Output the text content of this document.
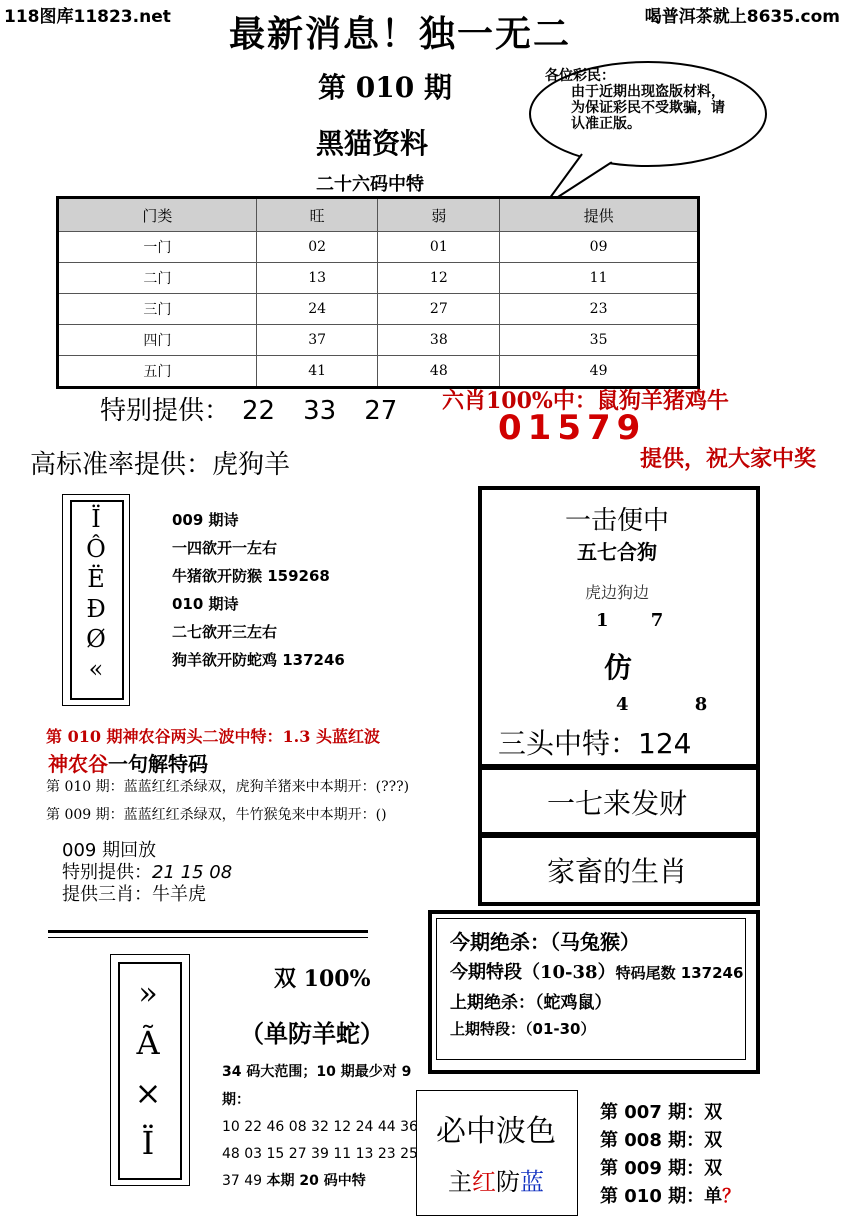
118图库11823.net	喝普洱茶就上8635.com
最新消息！独一无二
第 010 期
黑猫资料
二十六码中特
各位彩民：
由于近期出现盗版材料，为保证彩民不受欺骗，请认准正版。
门类	旺	弱	提供
一门	02	01	09
二门	13	12	11
三门	24	27	23
四门	37	38	35
五门	41	48	49
特别提供： 22 33 27 六肖100%中：鼠狗羊猪鸡牛
01579
提供，祝大家中奖
高标准率提供：虎狗羊
Ï
Ô
Ë
Ð
Ø
«
009 期诗
一四欲开一左右
牛猪欲开防猴 159268
010 期诗
二七欲开三左右
狗羊欲开防蛇鸡 137246
一击便中
五七合狗
虎边狗边
1 7
仿
4 8
三头中特：124
一七来发财
家畜的生肖
第 010 期神农谷两头二波中特：1.3 头蓝红波
神农谷一句解特码
第 010 期：蓝蓝红红杀绿双，虎狗羊猪来中本期开：(???)
第 009 期：蓝蓝红红杀绿双，牛竹猴兔来中本期开：()
009 期回放
特别提供：21 15 08
提供三肖：牛羊虎
»
Ã
×
Ï
双 100%
（单防羊蛇）
34 码大范围；10 期最少对 9 期：
10 22 46 08 32 12 24 44 36 48 03 15 27 39 11 13 23 25 37 49 本期 20 码中特
今期绝杀：（马兔猴）
今期特段（10-38）特码尾数 137246
上期绝杀：（蛇鸡鼠）
上期特段：（01-30）
必中波色
主红防蓝
第 007 期：双
第 008 期：双
第 009 期：双
第 010 期：单？
